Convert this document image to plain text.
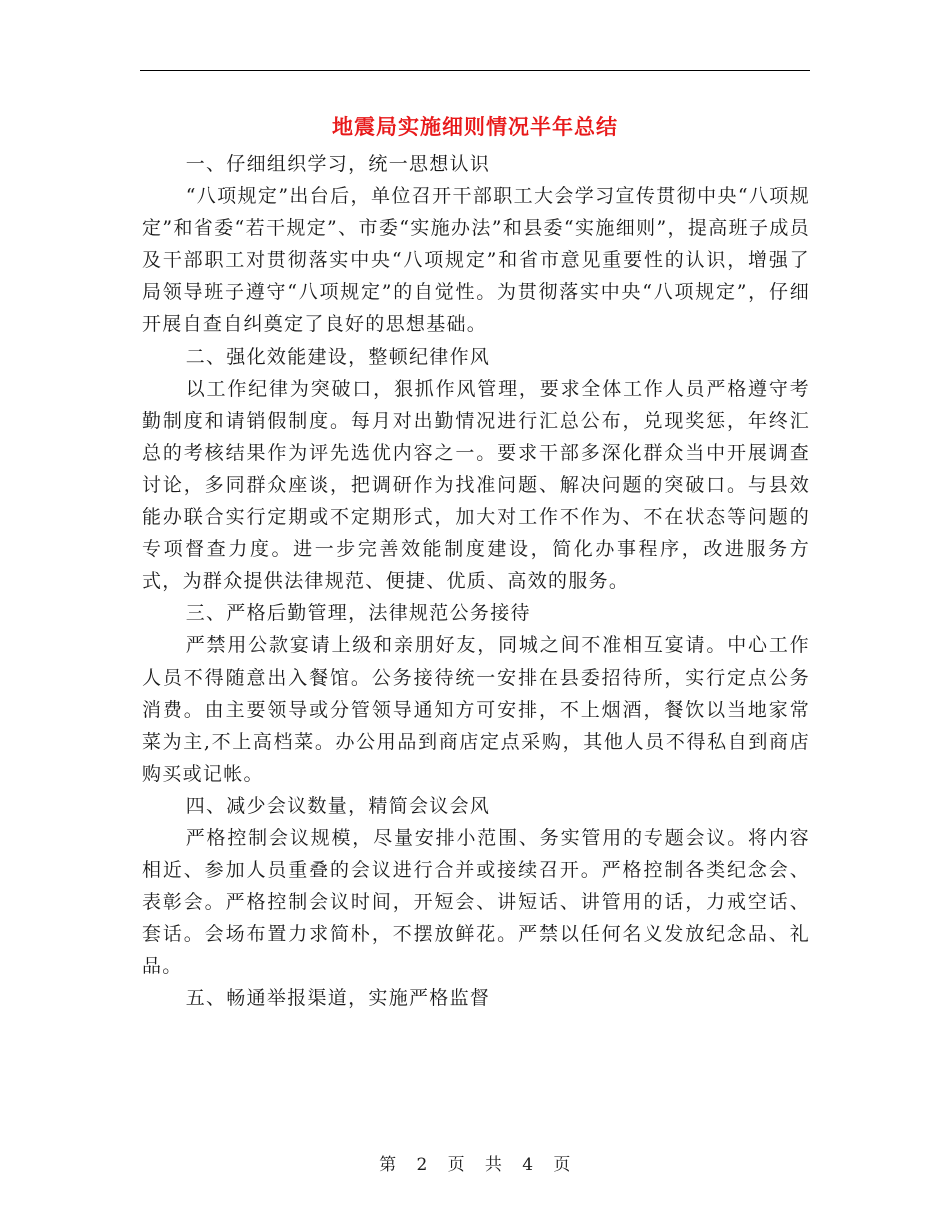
地震局实施细则情况半年总结

一、仔细组织学习，统一思想认识

“八项规定”出台后，单位召开干部职工大会学习宣传贯彻中央“八项规定”和省委“若干规定”、市委“实施办法”和县委“实施细则”，提高班子成员及干部职工对贯彻落实中央“八项规定”和省市意见重要性的认识，增强了局领导班子遵守“八项规定”的自觉性。为贯彻落实中央“八项规定”，仔细开展自查自纠奠定了良好的思想基础。

二、强化效能建设，整顿纪律作风

以工作纪律为突破口，狠抓作风管理，要求全体工作人员严格遵守考勤制度和请销假制度。每月对出勤情况进行汇总公布，兑现奖惩，年终汇总的考核结果作为评先选优内容之一。要求干部多深化群众当中开展调查讨论，多同群众座谈，把调研作为找准问题、解决问题的突破口。与县效能办联合实行定期或不定期形式，加大对工作不作为、不在状态等问题的专项督查力度。进一步完善效能制度建设，简化办事程序，改进服务方式，为群众提供法律规范、便捷、优质、高效的服务。

三、严格后勤管理，法律规范公务接待

严禁用公款宴请上级和亲朋好友，同城之间不准相互宴请。中心工作人员不得随意出入餐馆。公务接待统一安排在县委招待所，实行定点公务消费。由主要领导或分管领导通知方可安排，不上烟酒，餐饮以当地家常菜为主,不上高档菜。办公用品到商店定点采购，其他人员不得私自到商店购买或记帐。

四、减少会议数量，精简会议会风

严格控制会议规模，尽量安排小范围、务实管用的专题会议。将内容相近、参加人员重叠的会议进行合并或接续召开。严格控制各类纪念会、表彰会。严格控制会议时间，开短会、讲短话、讲管用的话，力戒空话、套话。会场布置力求简朴，不摆放鲜花。严禁以任何名义发放纪念品、礼品。

五、畅通举报渠道，实施严格监督

第 2 页 共 4 页
